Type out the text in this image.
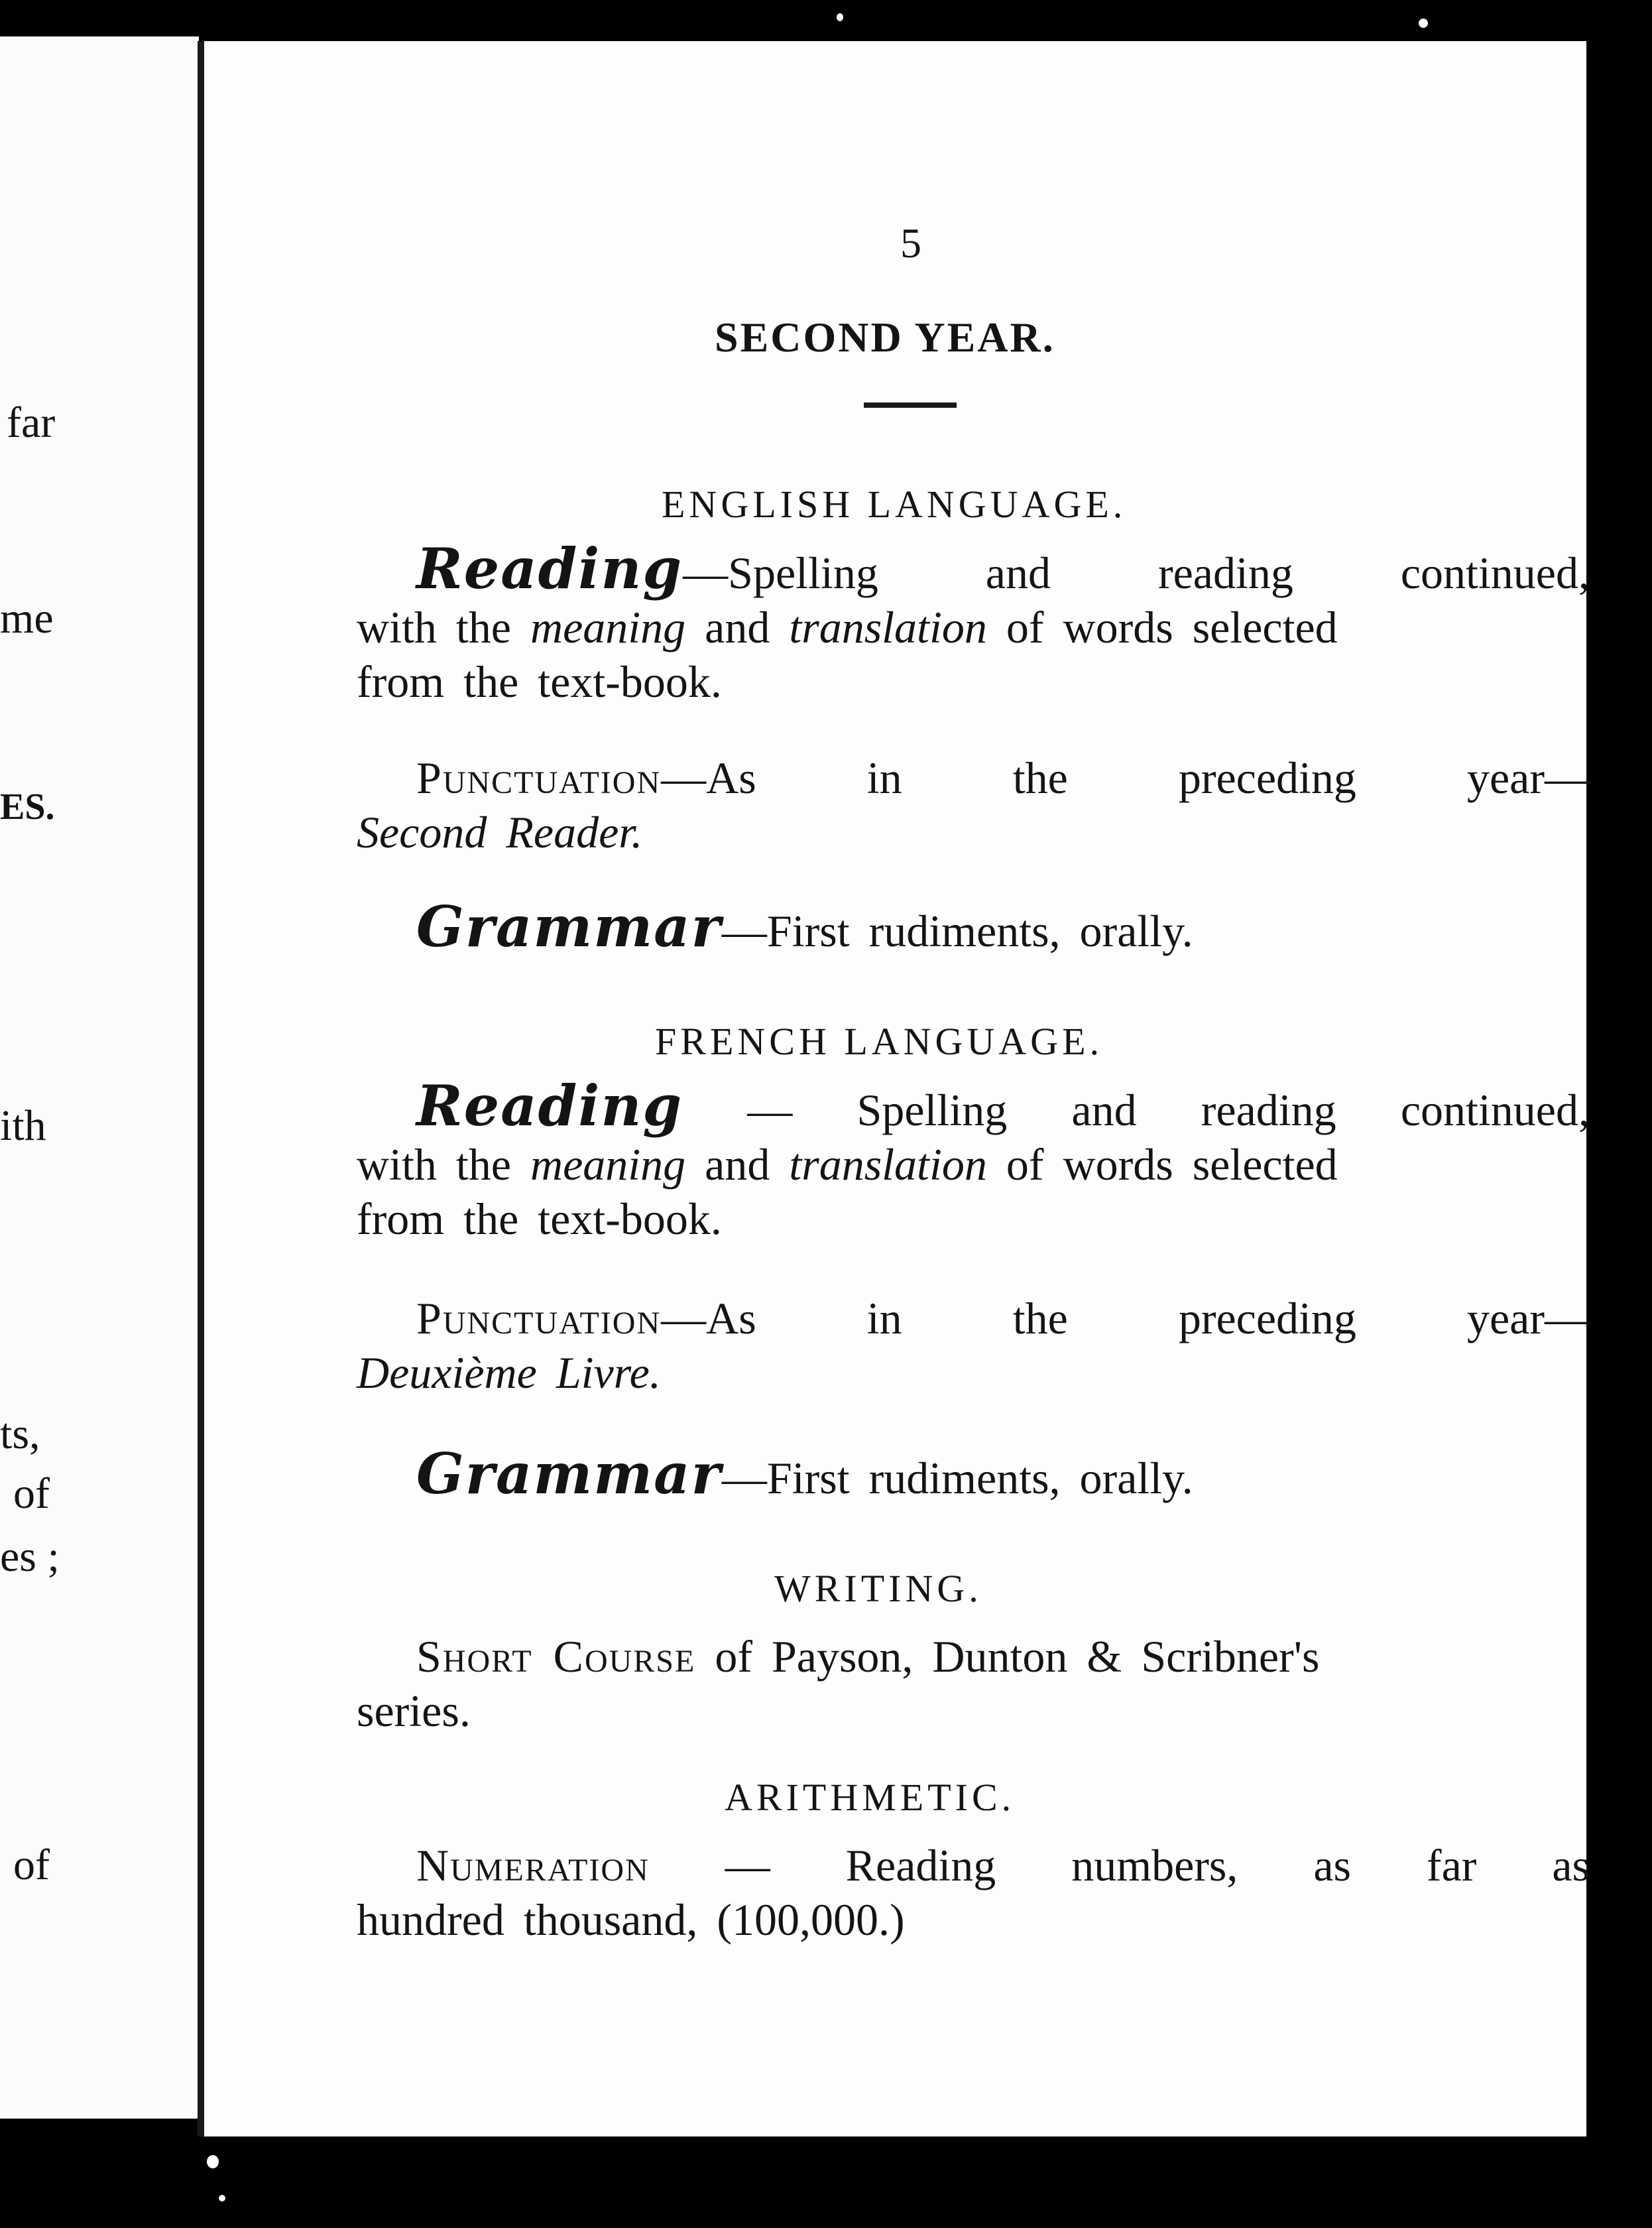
far
me
ES.
ith
ts,
of
es ;
of
5
SECOND YEAR.
ENGLISH LANGUAGE.
Reading—Spelling and reading continued,
with the meaning and translation of words selected
from the text-book.
Punctuation—As in the preceding year—
Second Reader.
Grammar—First rudiments, orally.
FRENCH LANGUAGE.
Reading — Spelling and reading continued,
with the meaning and translation of words selected
from the text-book.
Punctuation—As in the preceding year—
Deuxième Livre.
Grammar—First rudiments, orally.
WRITING.
Short Course of Payson, Dunton & Scribner's
series.
ARITHMETIC.
Numeration — Reading numbers, as far as
hundred thousand, (100,000.)
